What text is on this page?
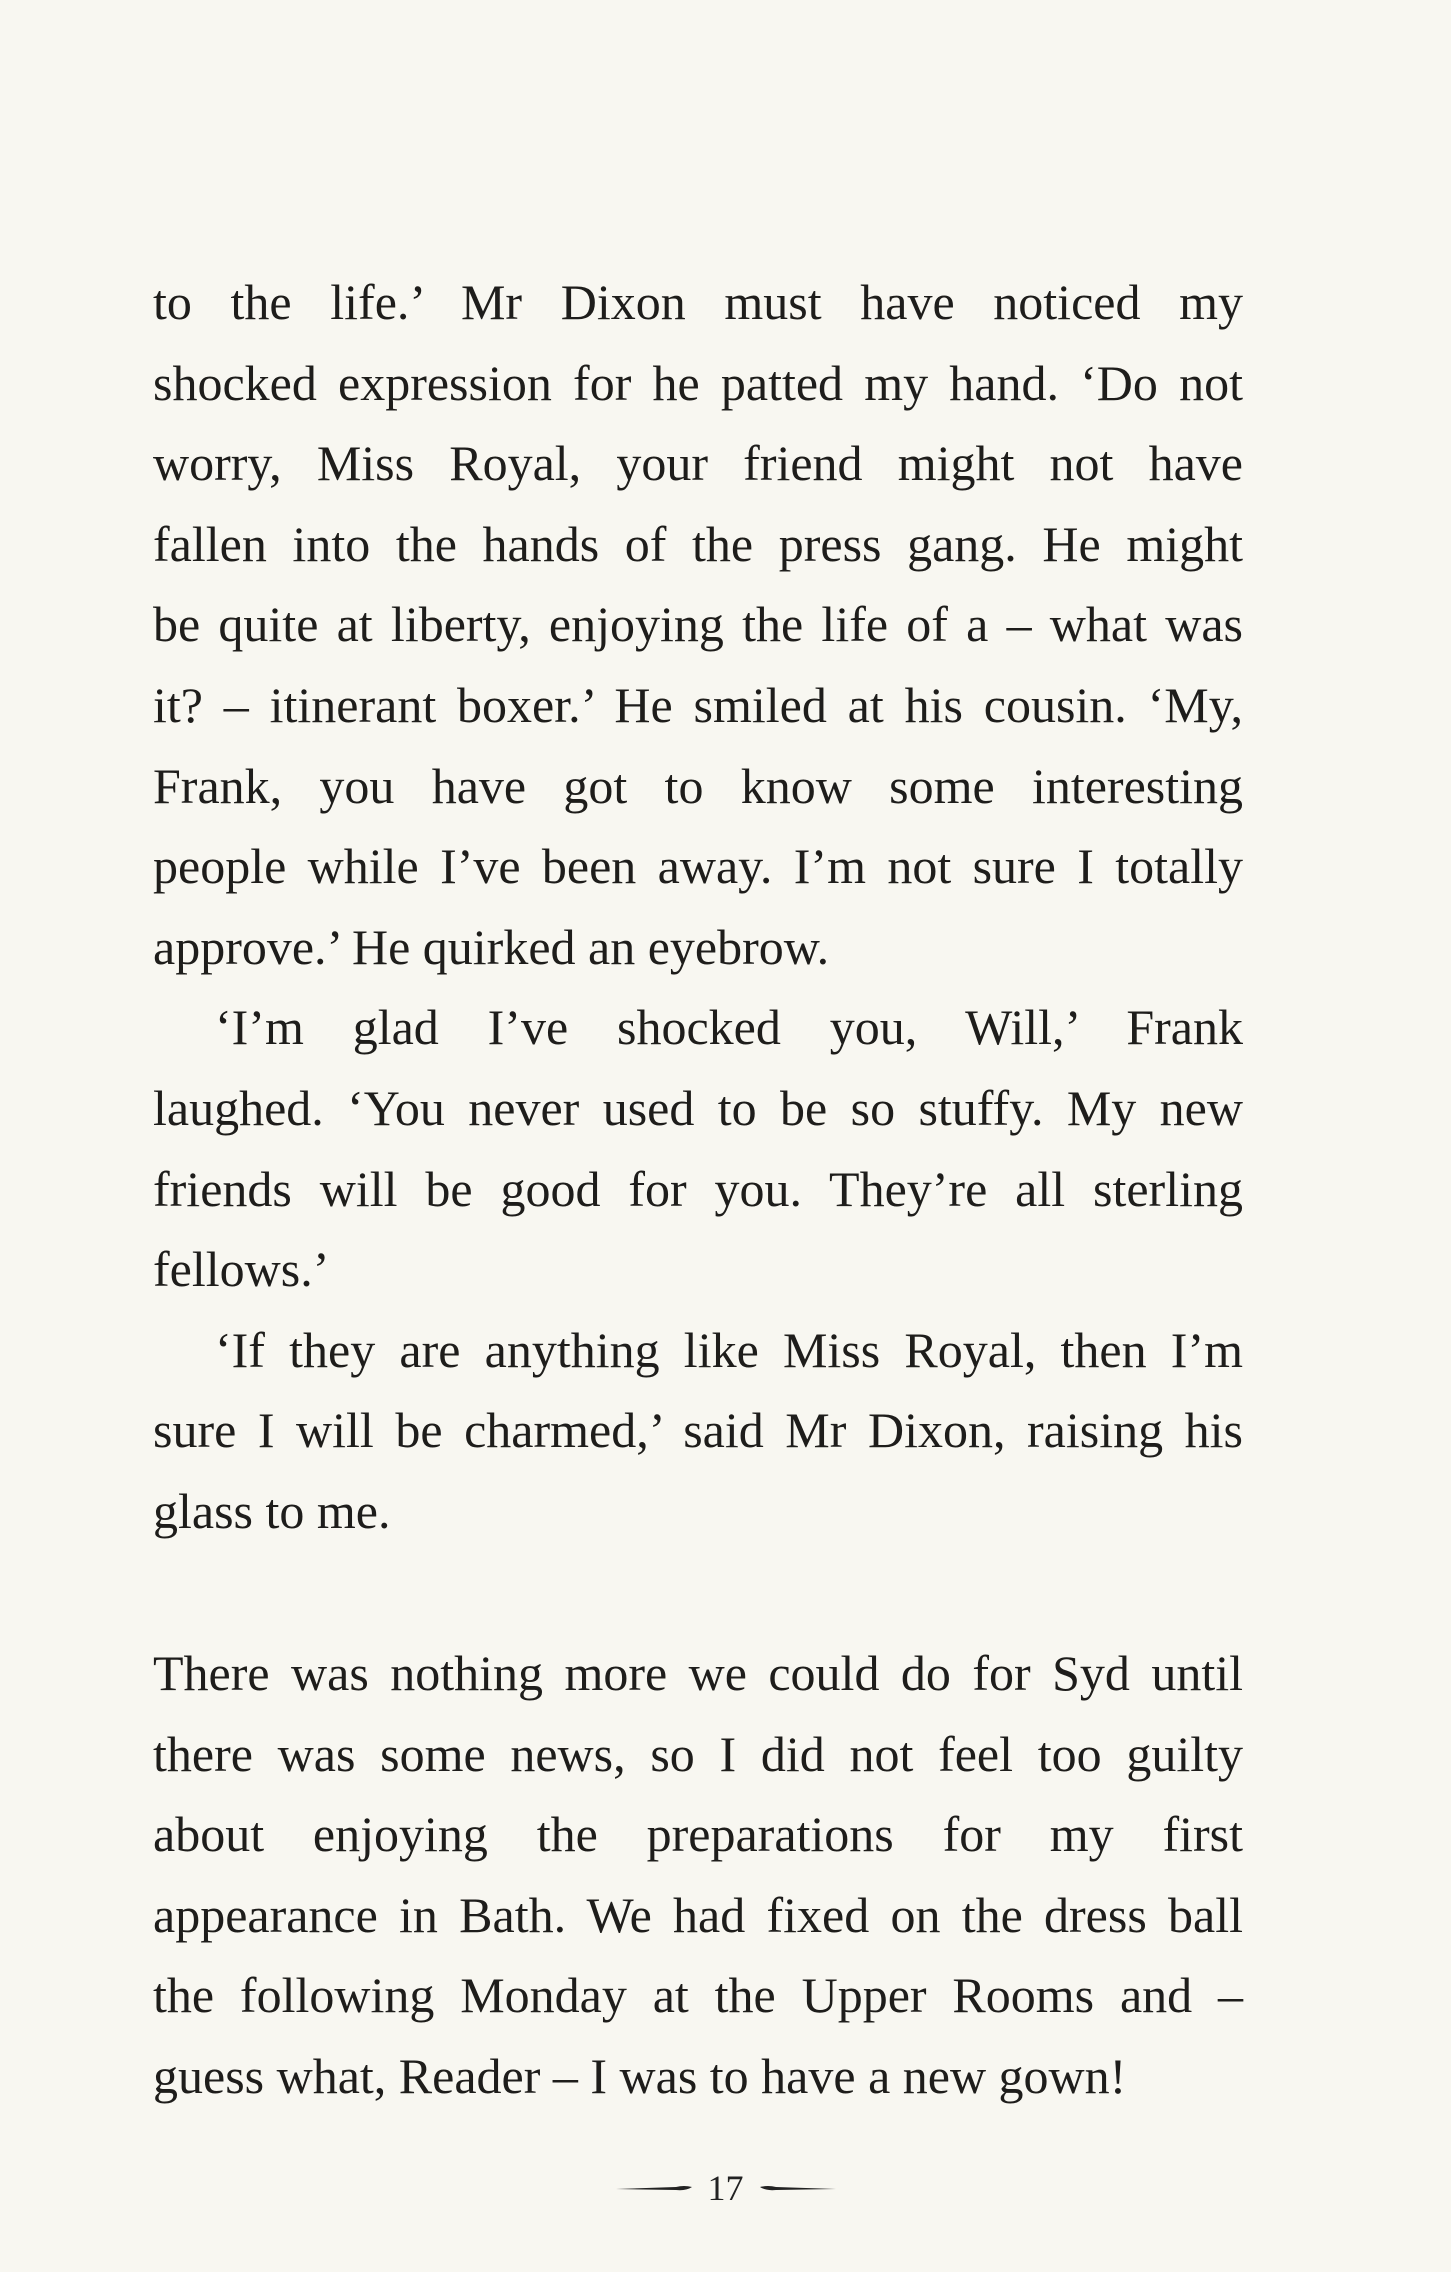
to the life.’ Mr Dixon must have noticed my
shocked expression for he patted my hand. ‘Do not
worry, Miss Royal, your friend might not have
fallen into the hands of the press gang. He might
be quite at liberty, enjoying the life of a – what was
it? – itinerant boxer.’ He smiled at his cousin. ‘My,
Frank, you have got to know some interesting
people while I’ve been away. I’m not sure I totally
approve.’ He quirked an eyebrow.
‘I’m glad I’ve shocked you, Will,’ Frank
laughed. ‘You never used to be so stuffy. My new
friends will be good for you. They’re all sterling
fellows.’
‘If they are anything like Miss Royal, then I’m
sure I will be charmed,’ said Mr Dixon, raising his
glass to me.
There was nothing more we could do for Syd until
there was some news, so I did not feel too guilty
about enjoying the preparations for my first
appearance in Bath. We had fixed on the dress ball
the following Monday at the Upper Rooms and –
guess what, Reader – I was to have a new gown!
17
